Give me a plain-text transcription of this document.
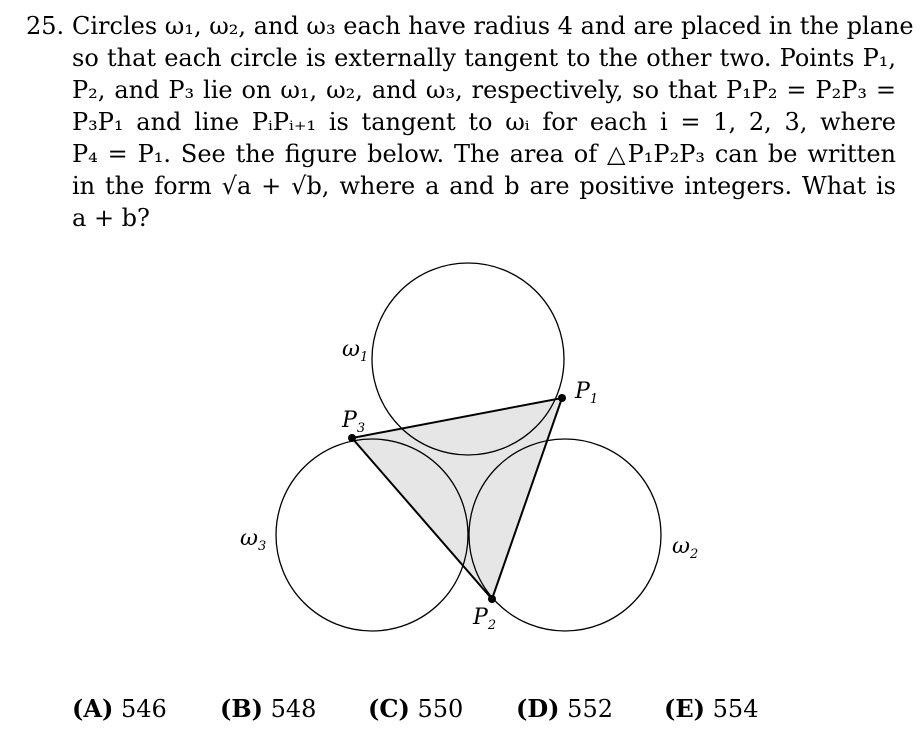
25. Circles ω₁, ω₂, and ω₃ each have radius 4 and are placed in the plane
so that each circle is externally tangent to the other two. Points P₁,
P₂, and P₃ lie on ω₁, ω₂, and ω₃, respectively, so that P₁P₂ = P₂P₃ =
P₃P₁ and line PᵢPᵢ₊₁ is tangent to ωᵢ for each i = 1, 2, 3, where
P₄ = P₁. See the figure below. The area of △P₁P₂P₃ can be written
in the form √a + √b, where a and b are positive integers. What is
a + b?
$\omega_1$
$\omega_2$
$\omega_3$
$P_1$
$P_2$
$P_3$
(A) 546 (B) 548 (C) 550 (D) 552 (E) 554
